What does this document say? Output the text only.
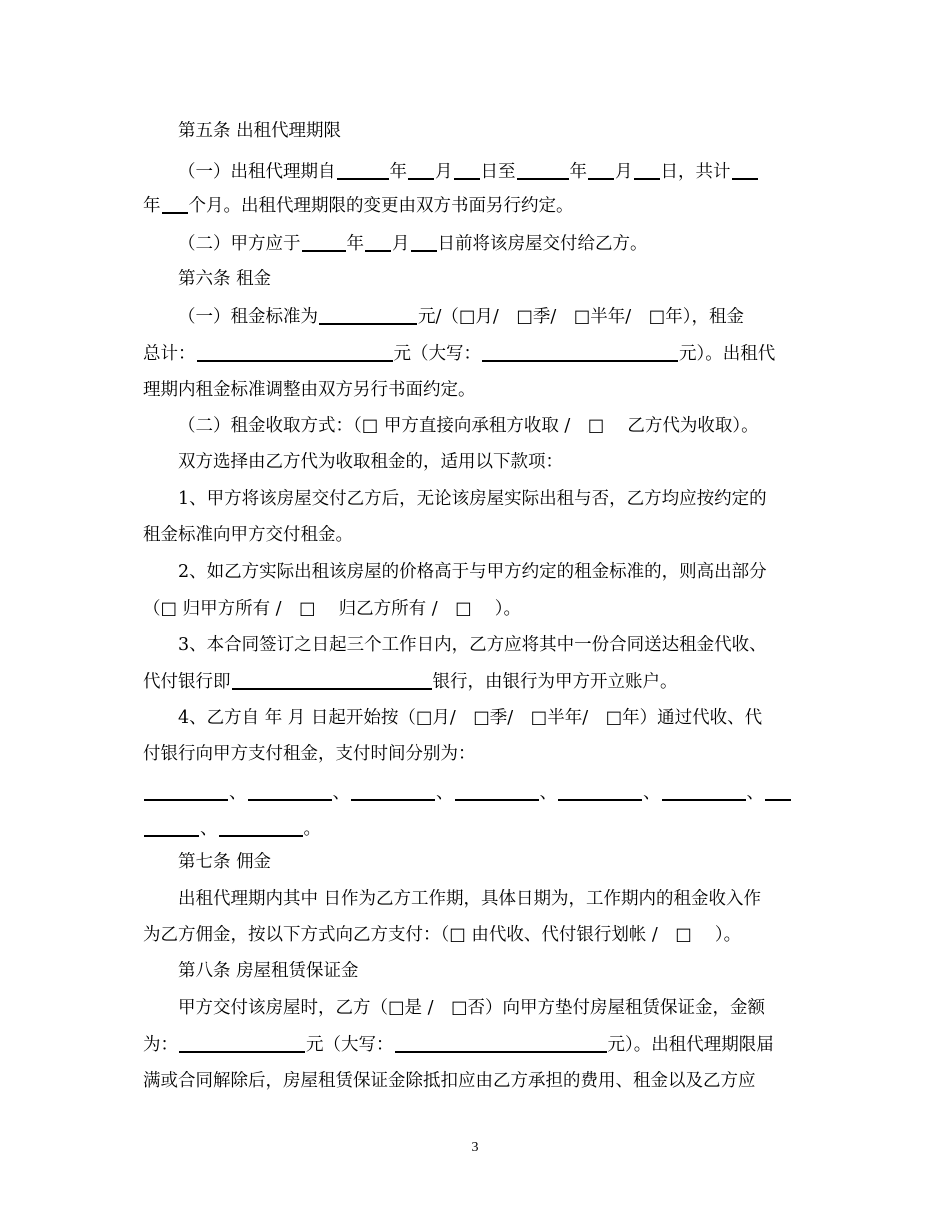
第五条 出租代理期限
（一）出租代理期自	年 月 日至	年 月 日，共计
年 个月。出租代理期限的变更由双方书面另行约定。
（二）甲方应于	年 月 日前将该房屋交付给乙方。
第六条 租金
（一）租金标准为	元/（□月/　□季/　□半年/　□年），租金
总计：	元（大写：	元）。出租代
理期内租金标准调整由双方另行书面约定。
（二）租金收取方式：（□ 甲方直接向承租方收取 /　□　 乙方代为收取）。
双方选择由乙方代为收取租金的，适用以下款项：
1、甲方将该房屋交付乙方后，无论该房屋实际出租与否，乙方均应按约定的
租金标准向甲方交付租金。
2、如乙方实际出租该房屋的价格高于与甲方约定的租金标准的，则高出部分
（□ 归甲方所有 /　□　 归乙方所有 /　□　 ）。
3、本合同签订之日起三个工作日内，乙方应将其中一份合同送达租金代收、
代付银行即	银行，由银行为甲方开立账户。
4、乙方自 年 月 日起开始按（□月/　□季/　□半年/　□年）通过代收、代
付银行向甲方支付租金，支付时间分别为：
、	、	、	、	、	、
、	。
第七条 佣金
出租代理期内其中 日作为乙方工作期，具体日期为，工作期内的租金收入作
为乙方佣金，按以下方式向乙方支付：（□ 由代收、代付银行划帐 /　□　 ）。
第八条 房屋租赁保证金
甲方交付该房屋时，乙方（□是 /　□否）向甲方垫付房屋租赁保证金，金额
为：	元（大写：	元）。出租代理期限届
满或合同解除后，房屋租赁保证金除抵扣应由乙方承担的费用、租金以及乙方应
3
